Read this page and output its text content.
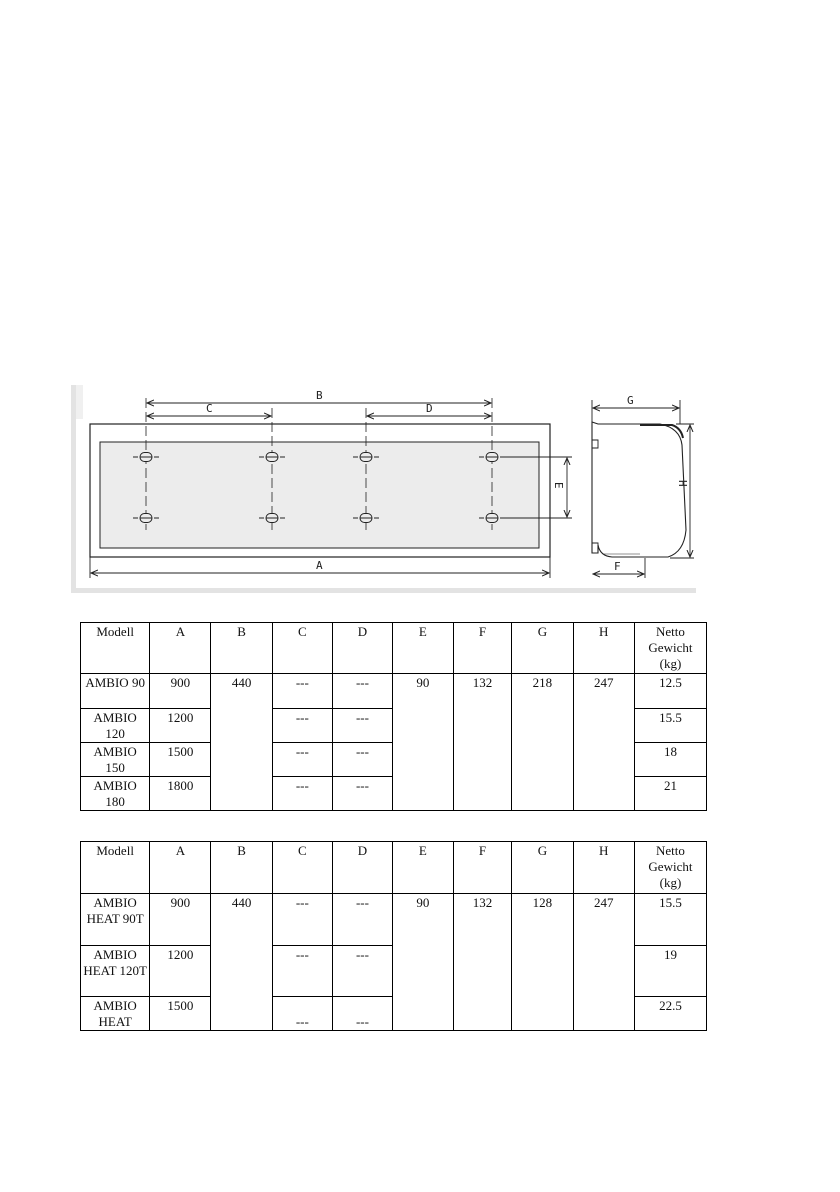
B
C	D
A
E
G
H
F
Modell	A	B	C	D	E	F	G	H	Netto Gewicht (kg)
AMBIO 90	900	440	---	---	90	132	218	247	12.5
AMBIO 120	1200		---	---					15.5
AMBIO 150	1500		---	---					18
AMBIO 180	1800		---	---					21
Modell	A	B	C	D	E	F	G	H	Netto Gewicht (kg)
AMBIO HEAT 90T	900	440	---	---	90	132	128	247	15.5
AMBIO HEAT 120T	1200		---	---					19
AMBIO HEAT	1500		---	---					22.5
